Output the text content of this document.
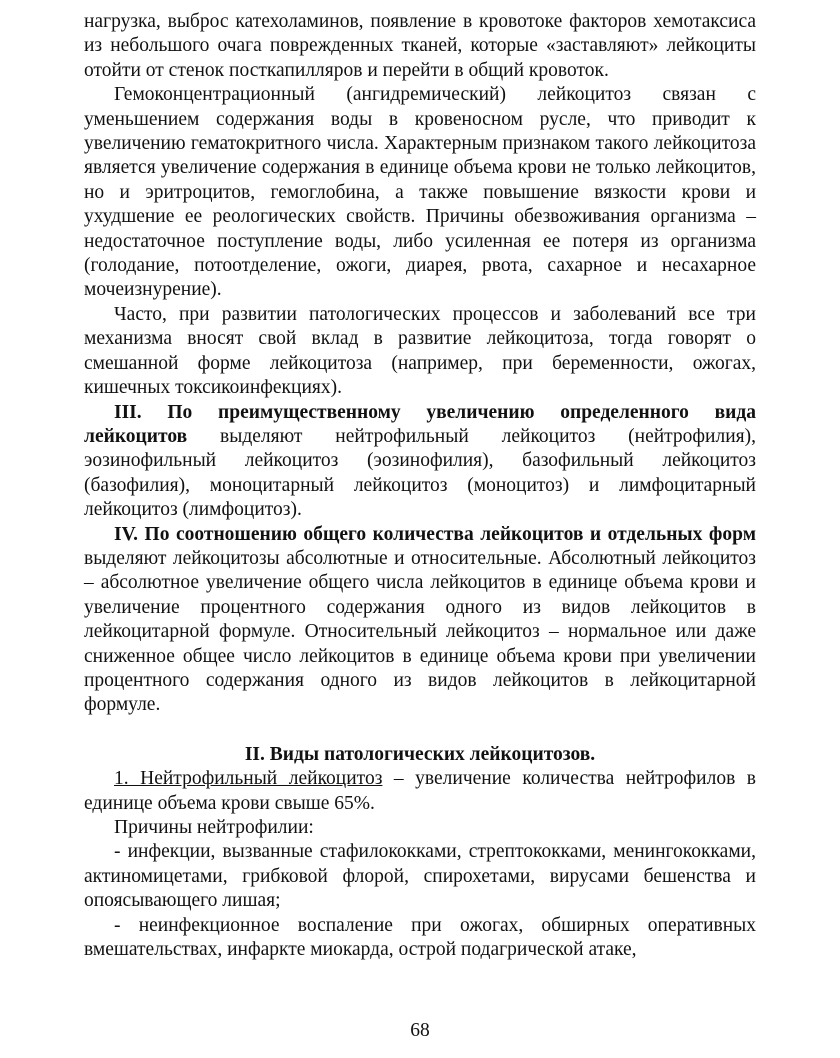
нагрузка, выброс катехоламинов, появление в кровотоке факторов хемотаксиса из небольшого очага поврежденных тканей, которые «заставляют» лейкоциты отойти от стенок посткапилляров и перейти в общий кровоток.

Гемоконцентрационный (ангидремический) лейкоцитоз связан с уменьшением содержания воды в кровеносном русле, что приводит к увеличению гематокритного числа. Характерным признаком такого лейкоцитоза является увеличение содержания в единице объема крови не только лейкоцитов, но и эритроцитов, гемоглобина, а также повышение вязкости крови и ухудшение ее реологических свойств. Причины обезвоживания организма – недостаточное поступление воды, либо усиленная ее потеря из организма (голодание, потоотделение, ожоги, диарея, рвота, сахарное и несахарное мочеизнурение).

Часто, при развитии патологических процессов и заболеваний все три механизма вносят свой вклад в развитие лейкоцитоза, тогда говорят о смешанной форме лейкоцитоза (например, при беременности, ожогах, кишечных токсикоинфекциях).

III. По преимущественному увеличению определенного вида лейкоцитов выделяют нейтрофильный лейкоцитоз (нейтрофилия), эозинофильный лейкоцитоз (эозинофилия), базофильный лейкоцитоз (базофилия), моноцитарный лейкоцитоз (моноцитоз) и лимфоцитарный лейкоцитоз (лимфоцитоз).

IV. По соотношению общего количества лейкоцитов и отдельных форм выделяют лейкоцитозы абсолютные и относительные. Абсолютный лейкоцитоз – абсолютное увеличение общего числа лейкоцитов в единице объема крови и увеличение процентного содержания одного из видов лейкоцитов в лейкоцитарной формуле. Относительный лейкоцитоз – нормальное или даже сниженное общее число лейкоцитов в единице объема крови при увеличении процентного содержания одного из видов лейкоцитов в лейкоцитарной формуле.

II. Виды патологических лейкоцитозов.

1. Нейтрофильный лейкоцитоз – увеличение количества нейтрофилов в единице объема крови свыше 65%.

Причины нейтрофилии:

- инфекции, вызванные стафилококками, стрептококками, менингококками, актиномицетами, грибковой флорой, спирохетами, вирусами бешенства и опоясывающего лишая;

- неинфекционное воспаление при ожогах, обширных оперативных вмешательствах, инфаркте миокарда, острой подагрической атаке,

68
